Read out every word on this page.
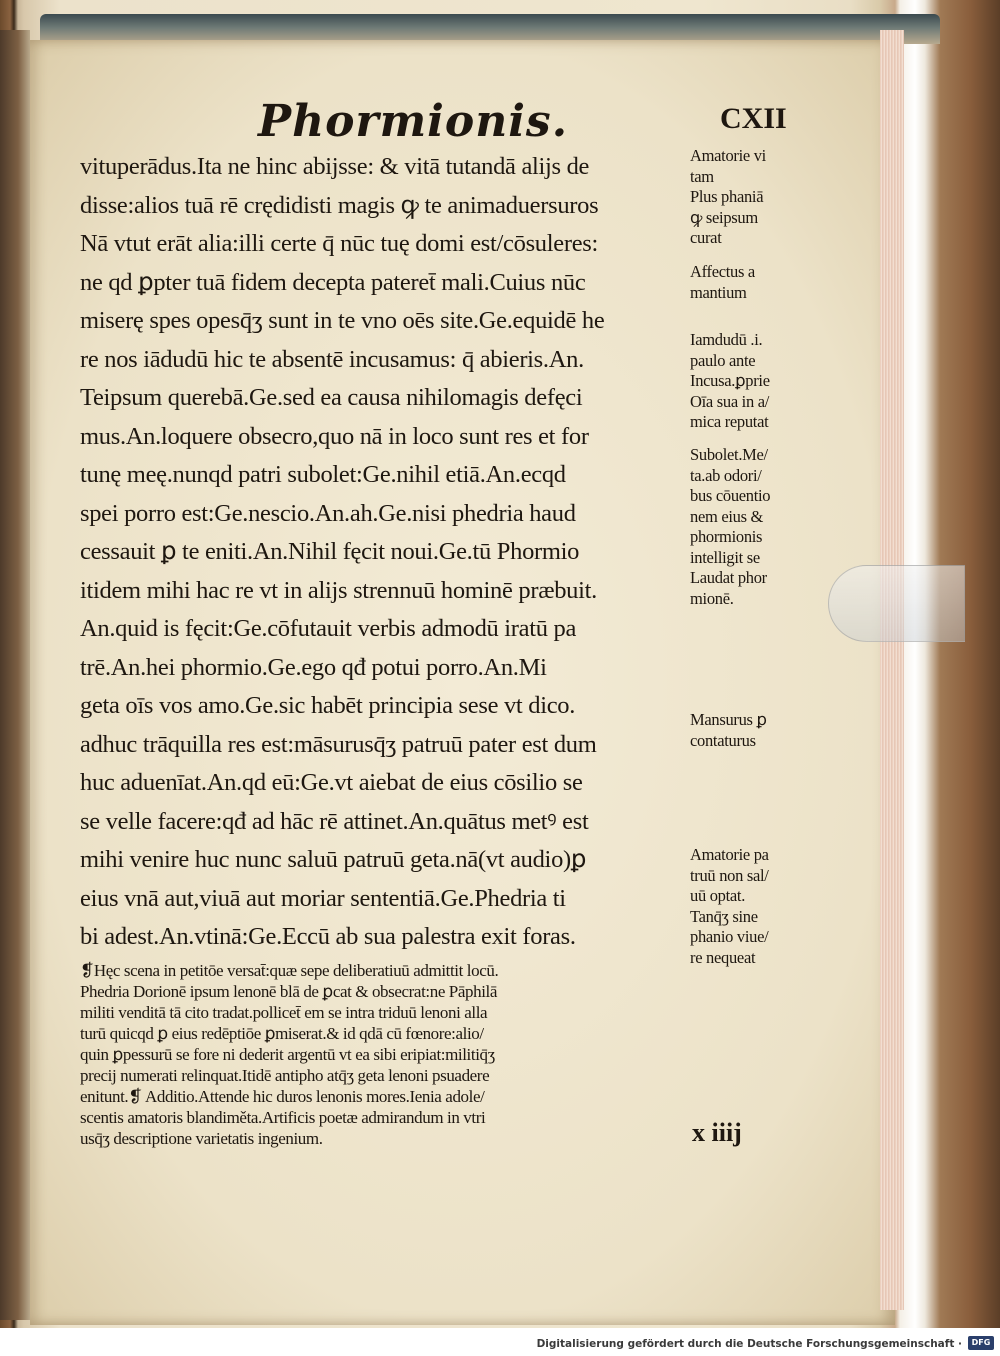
Phormionis.	CXII

vituperādus.Ita ne hinc abijsse: & vitā tutandā alijs de
disse:alios tuā rē crędidisti magis ꝙ te animaduersuros
Nā vtut erāt alia:illi certe q̄ nūc tuę domi est/cōsuleres:
ne qd ꝑpter tuā fidem decepta pateret̄ mali.Cuius nūc
miserę spes opesq̄ʒ sunt in te vno oēs site.Ge.equidē he
re nos iādudū hic te absentē incusamus: q̄ abieris.An.
Teipsum querebā.Ge.sed ea causa nihilomagis defęci
mus.An.loquere obsecro,quo nā in loco sunt res et for
tunę meę.nunqd patri subolet:Ge.nihil etiā.An.ecqd
spei porro est:Ge.nescio.An.ah.Ge.nisi phedria haud
cessauit ꝑ te eniti.An.Nihil fęcit noui.Ge.tū Phormio
itidem mihi hac re vt in alijs strennuū hominē præbuit.
An.quid is fęcit:Ge.cōfutauit verbis admodū iratū pa
trē.An.hei phormio.Ge.ego qđ potui porro.An.Mi
geta oīs vos amo.Ge.sic habēt principia sese vt dico.
adhuc trāquilla res est:māsurusq̄ʒ patruū pater est dum
huc aduenīat.An.qd eū:Ge.vt aiebat de eius cōsilio se
se velle facere:qđ ad hāc rē attinet.An.quātus metꝰ est
mihi venire huc nunc saluū patruū geta.nā(vt audio)ꝑ
eius vnā aut,viuā aut moriar sententiā.Ge.Phedria ti
bi adest.An.vtinā:Ge.Eccū ab sua palestra exit foras.
Amatorie vi
tam
Plus phaniā
ꝙ seipsum
curat
Affectus a
mantium
Iamdudū .i.
paulo ante
Incusa.ꝑprie
Oīa sua in a/
mica reputat
Subolet.Me/
ta.ab odori/
bus cōuentio
nem eius &
phormionis
intelligit se
Laudat phor
mionē.
Mansurus ꝑ
contaturus
Amatorie pa
truū non sal/
uū optat.
Tanq̄ʒ sine
phanio viue/
re nequeat
❡Hęc scena in petitōe versat̄:quæ sepe deliberatiuū admittit locū.
Phedria Dorionē ipsum lenonē blā de ꝑcat & obsecrat:ne Pāphilā
militi venditā tā cito tradat.pollicet̄ em se intra triduū lenoni alla
turū quicqd ꝑ eius redēptiōe ꝑmiserat.& id qdā cū fœnore:alio/
quin ꝑpessurū se fore ni dederit argentū vt ea sibi eripiat:militiq̄ʒ
precij numerati relinquat.Itidē antipho atq̄ʒ geta lenoni psuadere
enitunt.❡ Additio.Attende hic duros lenonis mores.Ienia adole/
scentis amatoris blandiměta.Artificis poetæ admirandum in vtri
usq̄ʒ descriptione varietatis ingenium.	x iiij

Digitalisierung gefördert durch die Deutsche Forschungsgemeinschaft ·	DFG
